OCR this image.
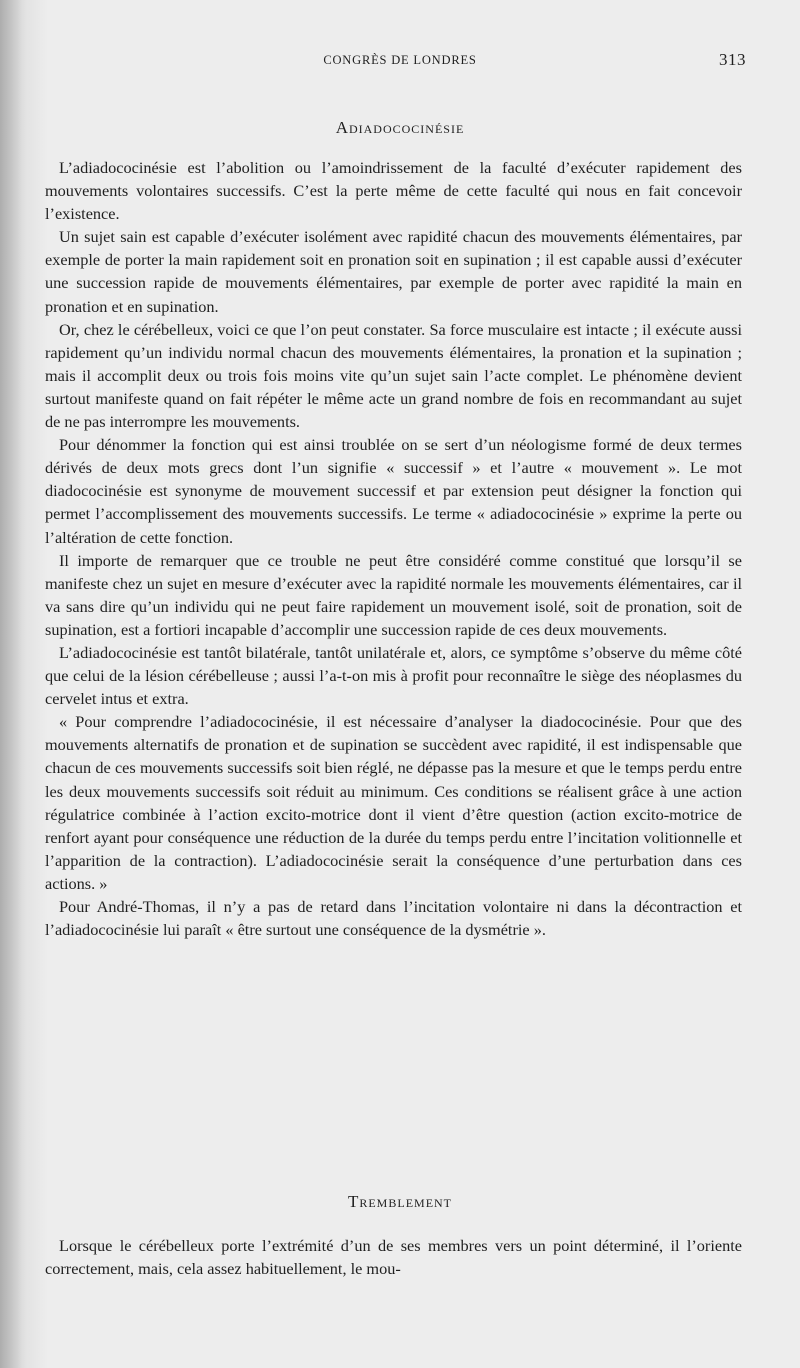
CONGRÈS DE LONDRES	313
Adiadococinésie

L’adiadococinésie est l’abolition ou l’amoindrissement de la faculté d’exécuter rapidement des mouvements volontaires successifs. C’est la perte même de cette faculté qui nous en fait concevoir l’existence.

Un sujet sain est capable d’exécuter isolément avec rapidité chacun des mouvements élémentaires, par exemple de porter la main rapidement soit en pronation soit en supination ; il est capable aussi d’exécuter une succession rapide de mouvements élémentaires, par exemple de porter avec rapidité la main en pronation et en supination.

Or, chez le cérébelleux, voici ce que l’on peut constater. Sa force musculaire est intacte ; il exécute aussi rapidement qu’un individu normal chacun des mouvements élémentaires, la pronation et la supination ; mais il accomplit deux ou trois fois moins vite qu’un sujet sain l’acte complet. Le phénomène devient surtout manifeste quand on fait répéter le même acte un grand nombre de fois en recommandant au sujet de ne pas interrompre les mouvements.

Pour dénommer la fonction qui est ainsi troublée on se sert d’un néologisme formé de deux termes dérivés de deux mots grecs dont l’un signifie « successif » et l’autre « mouvement ». Le mot diadococinésie est synonyme de mouvement successif et par extension peut désigner la fonction qui permet l’accomplissement des mouvements successifs. Le terme « adiadococinésie » exprime la perte ou l’altération de cette fonction.

Il importe de remarquer que ce trouble ne peut être considéré comme constitué que lorsqu’il se manifeste chez un sujet en mesure d’exécuter avec la rapidité normale les mouvements élémentaires, car il va sans dire qu’un individu qui ne peut faire rapidement un mouvement isolé, soit de pronation, soit de supination, est a fortiori incapable d’accomplir une succession rapide de ces deux mouvements.

L’adiadococinésie est tantôt bilatérale, tantôt unilatérale et, alors, ce symptôme s’observe du même côté que celui de la lésion cérébelleuse ; aussi l’a-t-on mis à profit pour reconnaître le siège des néoplasmes du cervelet intus et extra.

« Pour comprendre l’adiadococinésie, il est nécessaire d’analyser la diadococinésie. Pour que des mouvements alternatifs de pronation et de supination se succèdent avec rapidité, il est indispensable que chacun de ces mouvements successifs soit bien réglé, ne dépasse pas la mesure et que le temps perdu entre les deux mouvements successifs soit réduit au minimum. Ces conditions se réalisent grâce à une action régulatrice combinée à l’action excito-motrice dont il vient d’être question (action excito-motrice de renfort ayant pour conséquence une réduction de la durée du temps perdu entre l’incitation volitionnelle et l’apparition de la contraction). L’adiadococinésie serait la conséquence d’une perturbation dans ces actions. »

Pour André-Thomas, il n’y a pas de retard dans l’incitation volontaire ni dans la décontraction et l’adiadococinésie lui paraît « être surtout une conséquence de la dysmétrie ».

Tremblement

Lorsque le cérébelleux porte l’extrémité d’un de ses membres vers un point déterminé, il l’oriente correctement, mais, cela assez habituellement, le mou-
